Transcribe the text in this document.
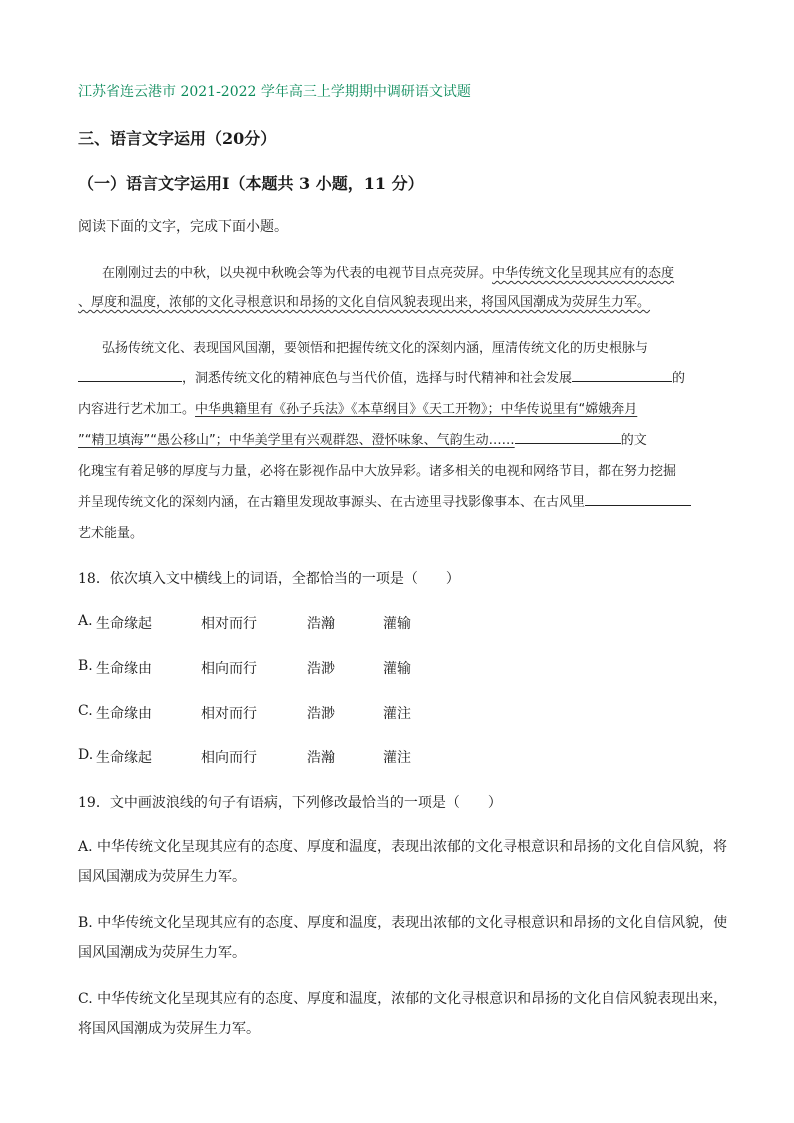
江苏省连云港市 2021-2022 学年高三上学期期中调研语文试题
三、语言文字运用（20分）
（一）语言文字运用Ⅰ（本题共 3 小题，11 分）
阅读下面的文字，完成下面小题。
在刚刚过去的中秋，以央视中秋晚会等为代表的电视节目点亮荧屏。中华传统文化呈现其应有的态度
、厚度和温度，浓郁的文化寻根意识和昂扬的文化自信风貌表现出来，将国风国潮成为荧屏生力军。
弘扬传统文化、表现国风国潮，要领悟和把握传统文化的深刻内涵，厘清传统文化的历史根脉与
，洞悉传统文化的精神底色与当代价值，选择与时代精神和社会发展	的
内容进行艺术加工。中华典籍里有《孙子兵法》《本草纲目》《天工开物》；中华传说里有“嫦娥奔月
”“精卫填海”“愚公移山”；中华美学里有兴观群怨、澄怀味象、气韵生动……	的文
化瑰宝有着足够的厚度与力量，必将在影视作品中大放异彩。诸多相关的电视和网络节目，都在努力挖掘
并呈现传统文化的深刻内涵，在古籍里发现故事源头、在古迹里寻找影像事本、在古风里
艺术能量。
18．依次填入文中横线上的词语，全都恰当的一项是（　　）
A. 生命缘起	相对而行	浩瀚	灌输
B. 生命缘由	相向而行	浩渺	灌输
C. 生命缘由	相对而行	浩渺	灌注
D. 生命缘起	相向而行	浩瀚	灌注
19．文中画波浪线的句子有语病，下列修改最恰当的一项是（　　）
A. 中华传统文化呈现其应有的态度、厚度和温度，表现出浓郁的文化寻根意识和昂扬的文化自信风貌，将
国风国潮成为荧屏生力军。
B. 中华传统文化呈现其应有的态度、厚度和温度，表现出浓郁的文化寻根意识和昂扬的文化自信风貌，使
国风国潮成为荧屏生力军。
C. 中华传统文化呈现其应有的态度、厚度和温度，浓郁的文化寻根意识和昂扬的文化自信风貌表现出来，
将国风国潮成为荧屏生力军。
